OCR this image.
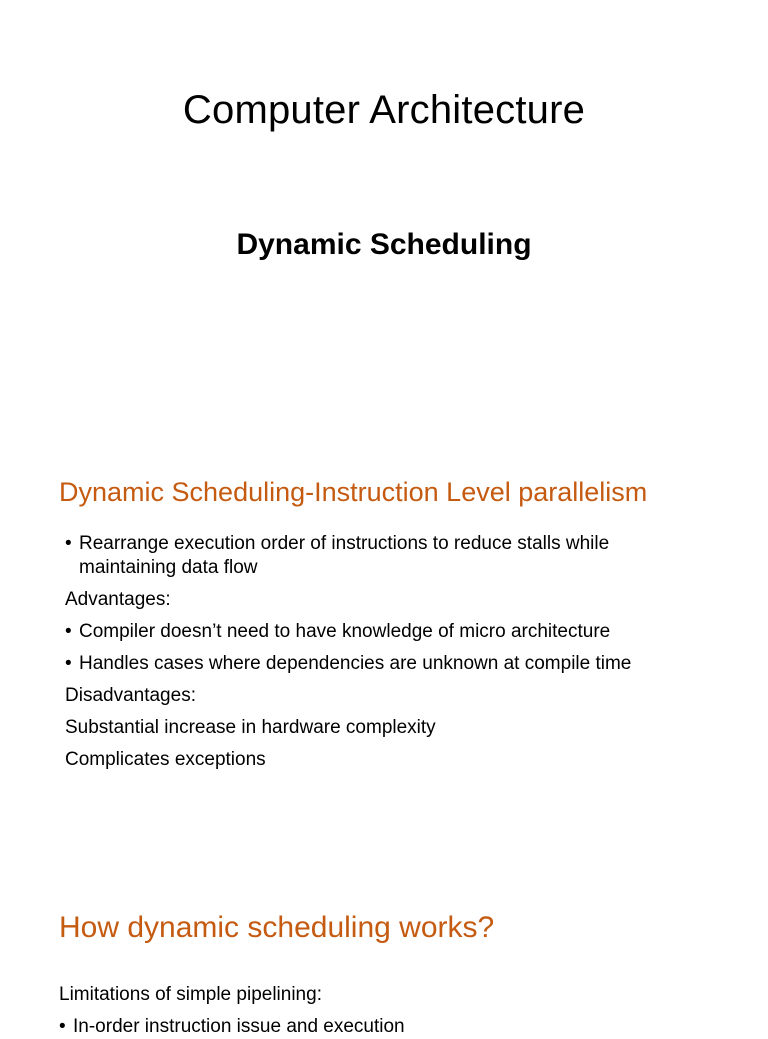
Computer Architecture
Dynamic Scheduling
Dynamic Scheduling-Instruction Level parallelism
• Rearrange execution order of instructions to reduce stalls while
maintaining data flow
Advantages:
• Compiler doesn’t need to have knowledge of micro architecture
• Handles cases where dependencies are unknown at compile time
Disadvantages:
Substantial increase in hardware complexity
Complicates exceptions
How dynamic scheduling works?
Limitations of simple pipelining:
• In-order instruction issue and execution
